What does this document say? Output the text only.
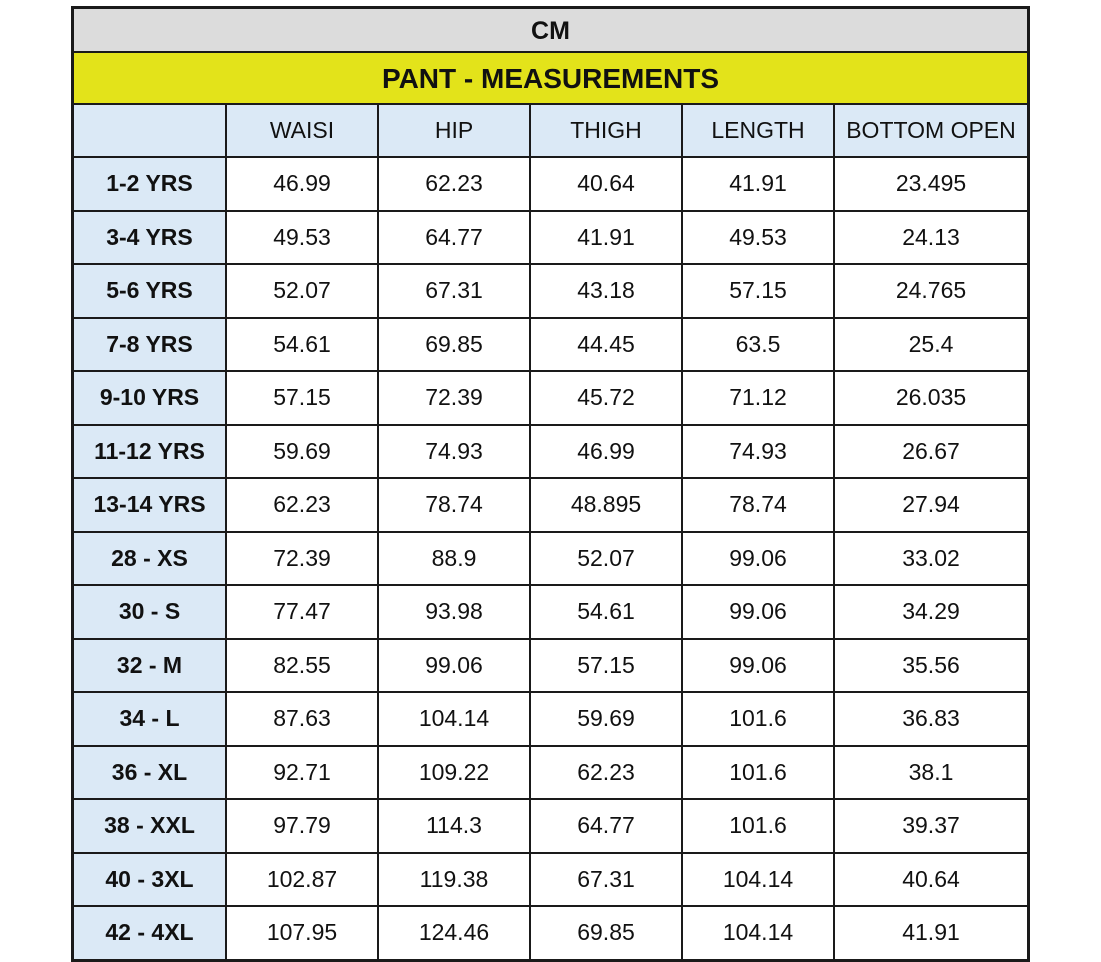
CM
PANT - MEASUREMENTS
	WAISI	HIP	THIGH	LENGTH	BOTTOM OPEN
1-2 YRS	46.99	62.23	40.64	41.91	23.495
3-4 YRS	49.53	64.77	41.91	49.53	24.13
5-6 YRS	52.07	67.31	43.18	57.15	24.765
7-8 YRS	54.61	69.85	44.45	63.5	25.4
9-10 YRS	57.15	72.39	45.72	71.12	26.035
11-12 YRS	59.69	74.93	46.99	74.93	26.67
13-14 YRS	62.23	78.74	48.895	78.74	27.94
28 - XS	72.39	88.9	52.07	99.06	33.02
30 - S	77.47	93.98	54.61	99.06	34.29
32 - M	82.55	99.06	57.15	99.06	35.56
34 - L	87.63	104.14	59.69	101.6	36.83
36 - XL	92.71	109.22	62.23	101.6	38.1
38 - XXL	97.79	114.3	64.77	101.6	39.37
40 - 3XL	102.87	119.38	67.31	104.14	40.64
42 - 4XL	107.95	124.46	69.85	104.14	41.91
